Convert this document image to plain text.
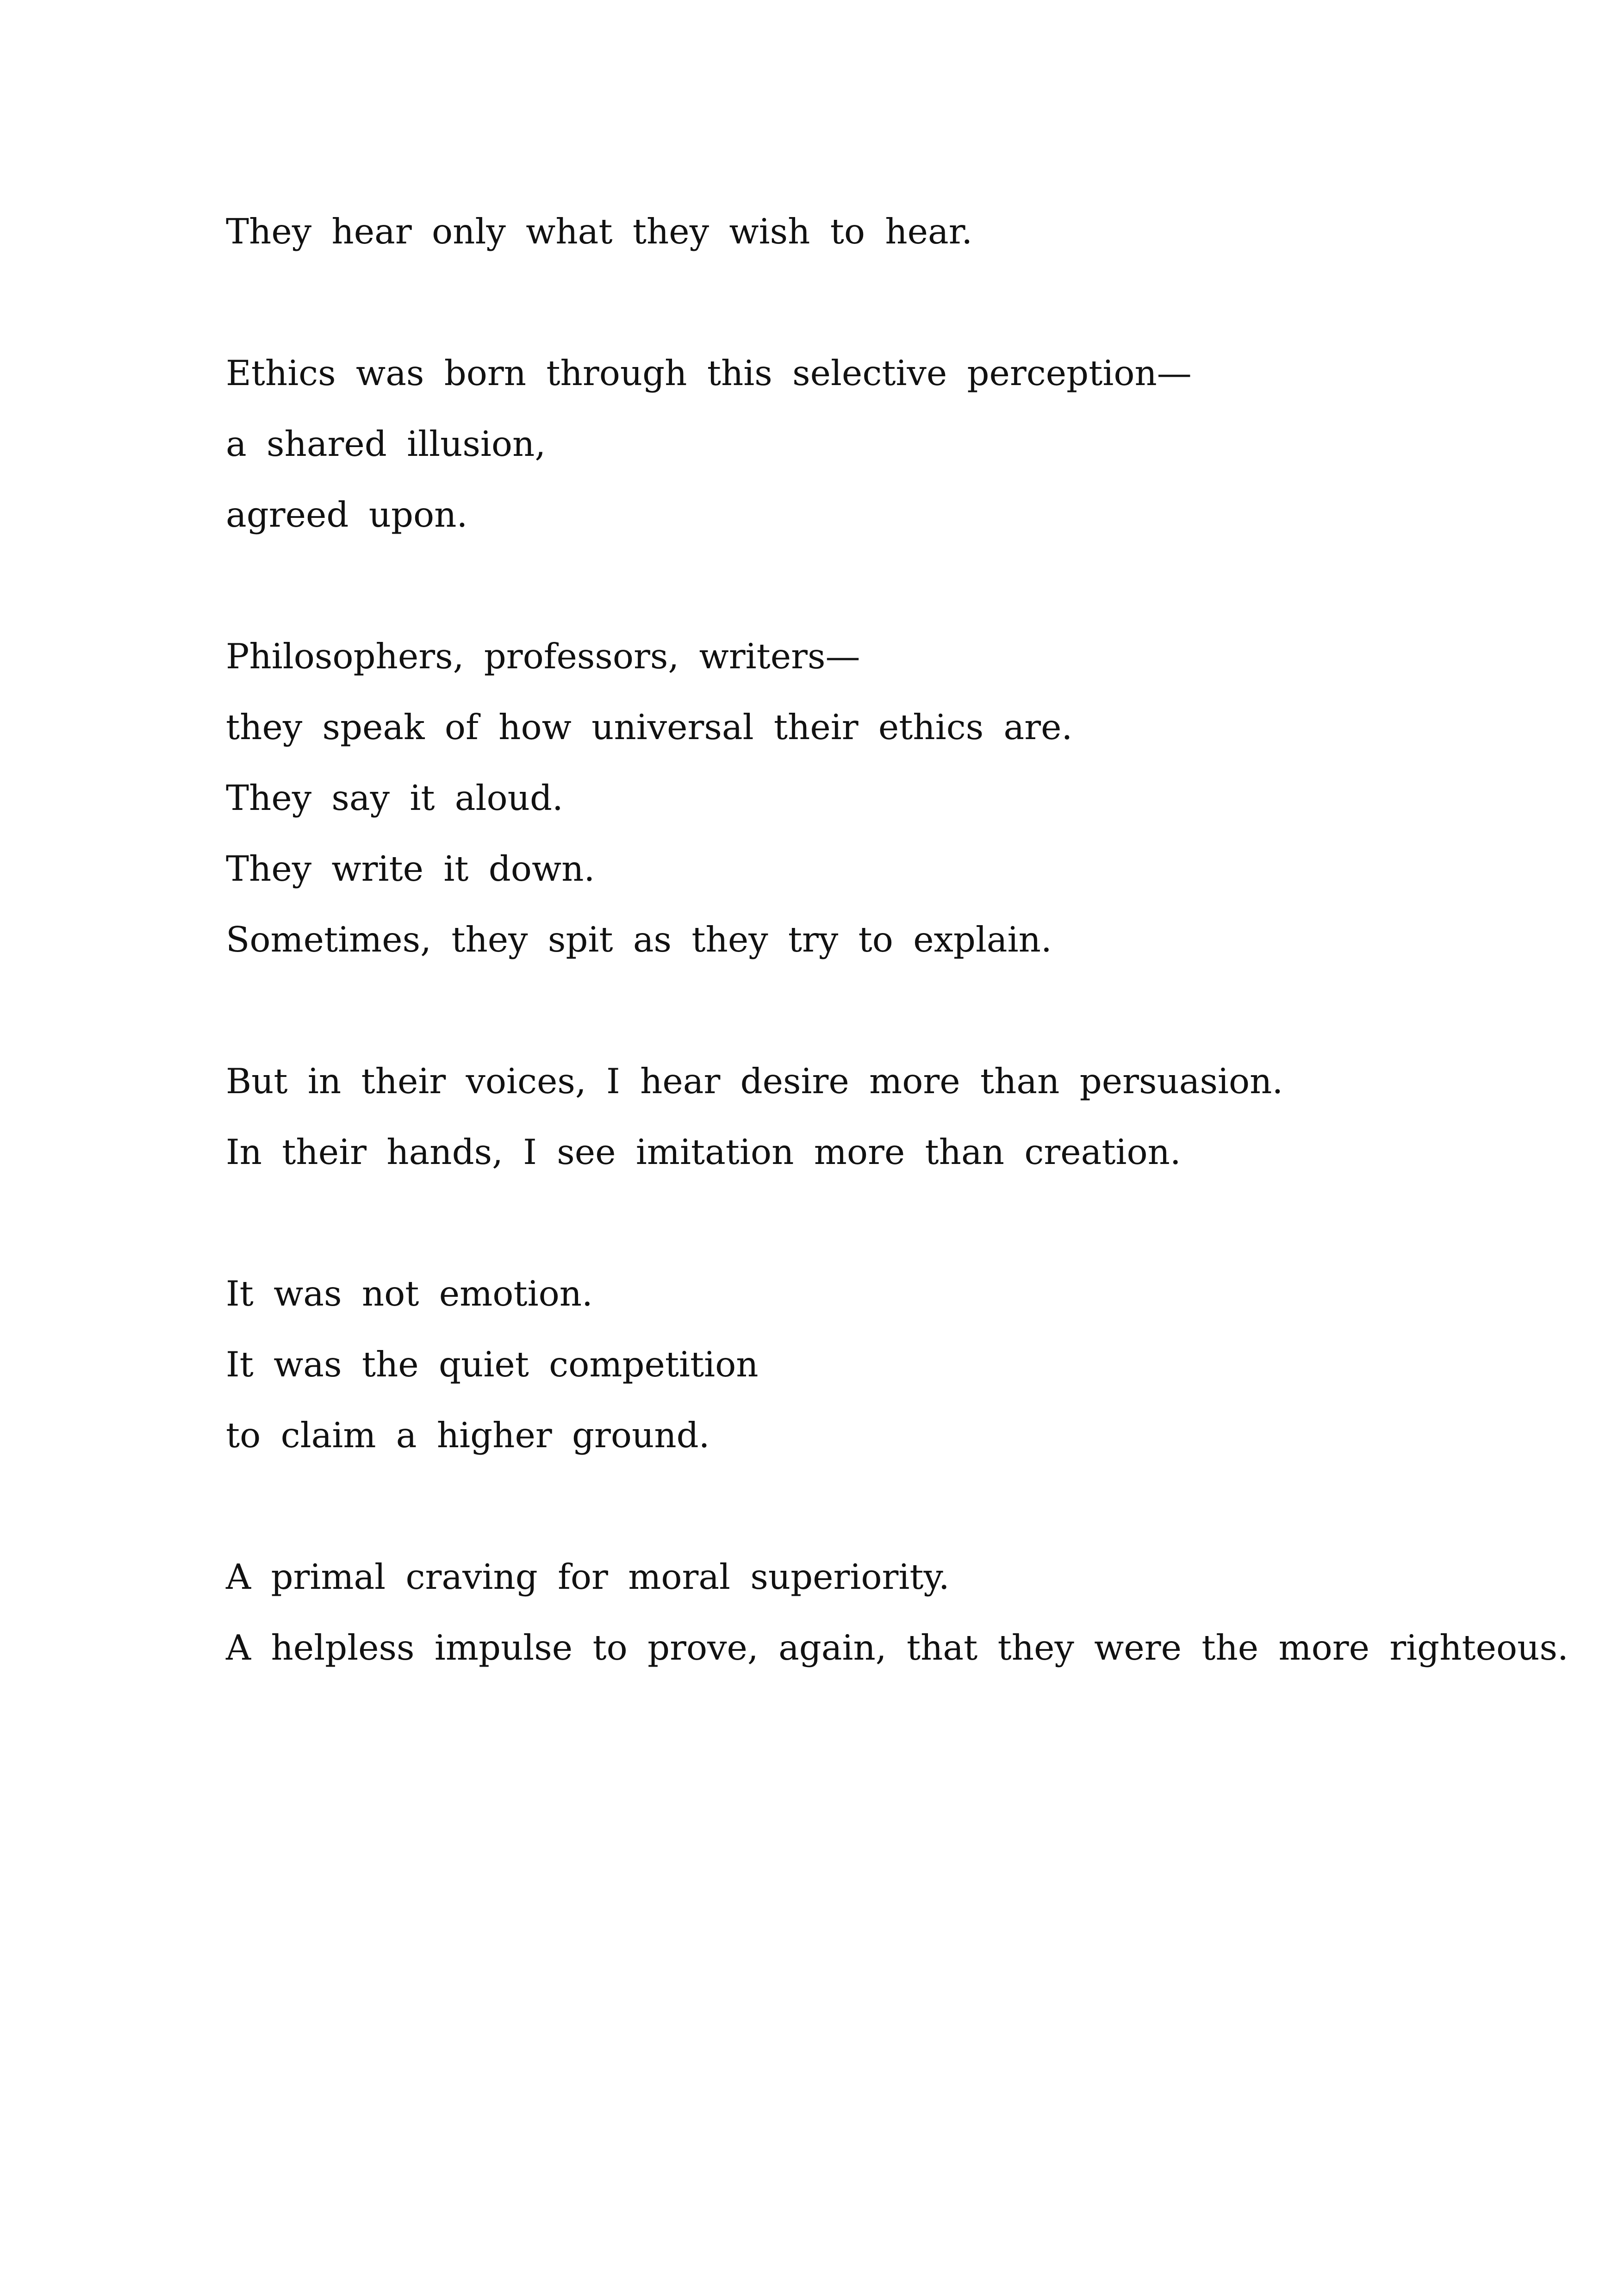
They hear only what they wish to hear.
Ethics was born through this selective perception—
a shared illusion,
agreed upon.
Philosophers, professors, writers—
they speak of how universal their ethics are.
They say it aloud.
They write it down.
Sometimes, they spit as they try to explain.
But in their voices, I hear desire more than persuasion.
In their hands, I see imitation more than creation.
It was not emotion.
It was the quiet competition
to claim a higher ground.
A primal craving for moral superiority.
A helpless impulse to prove, again, that they were the more righteous.
